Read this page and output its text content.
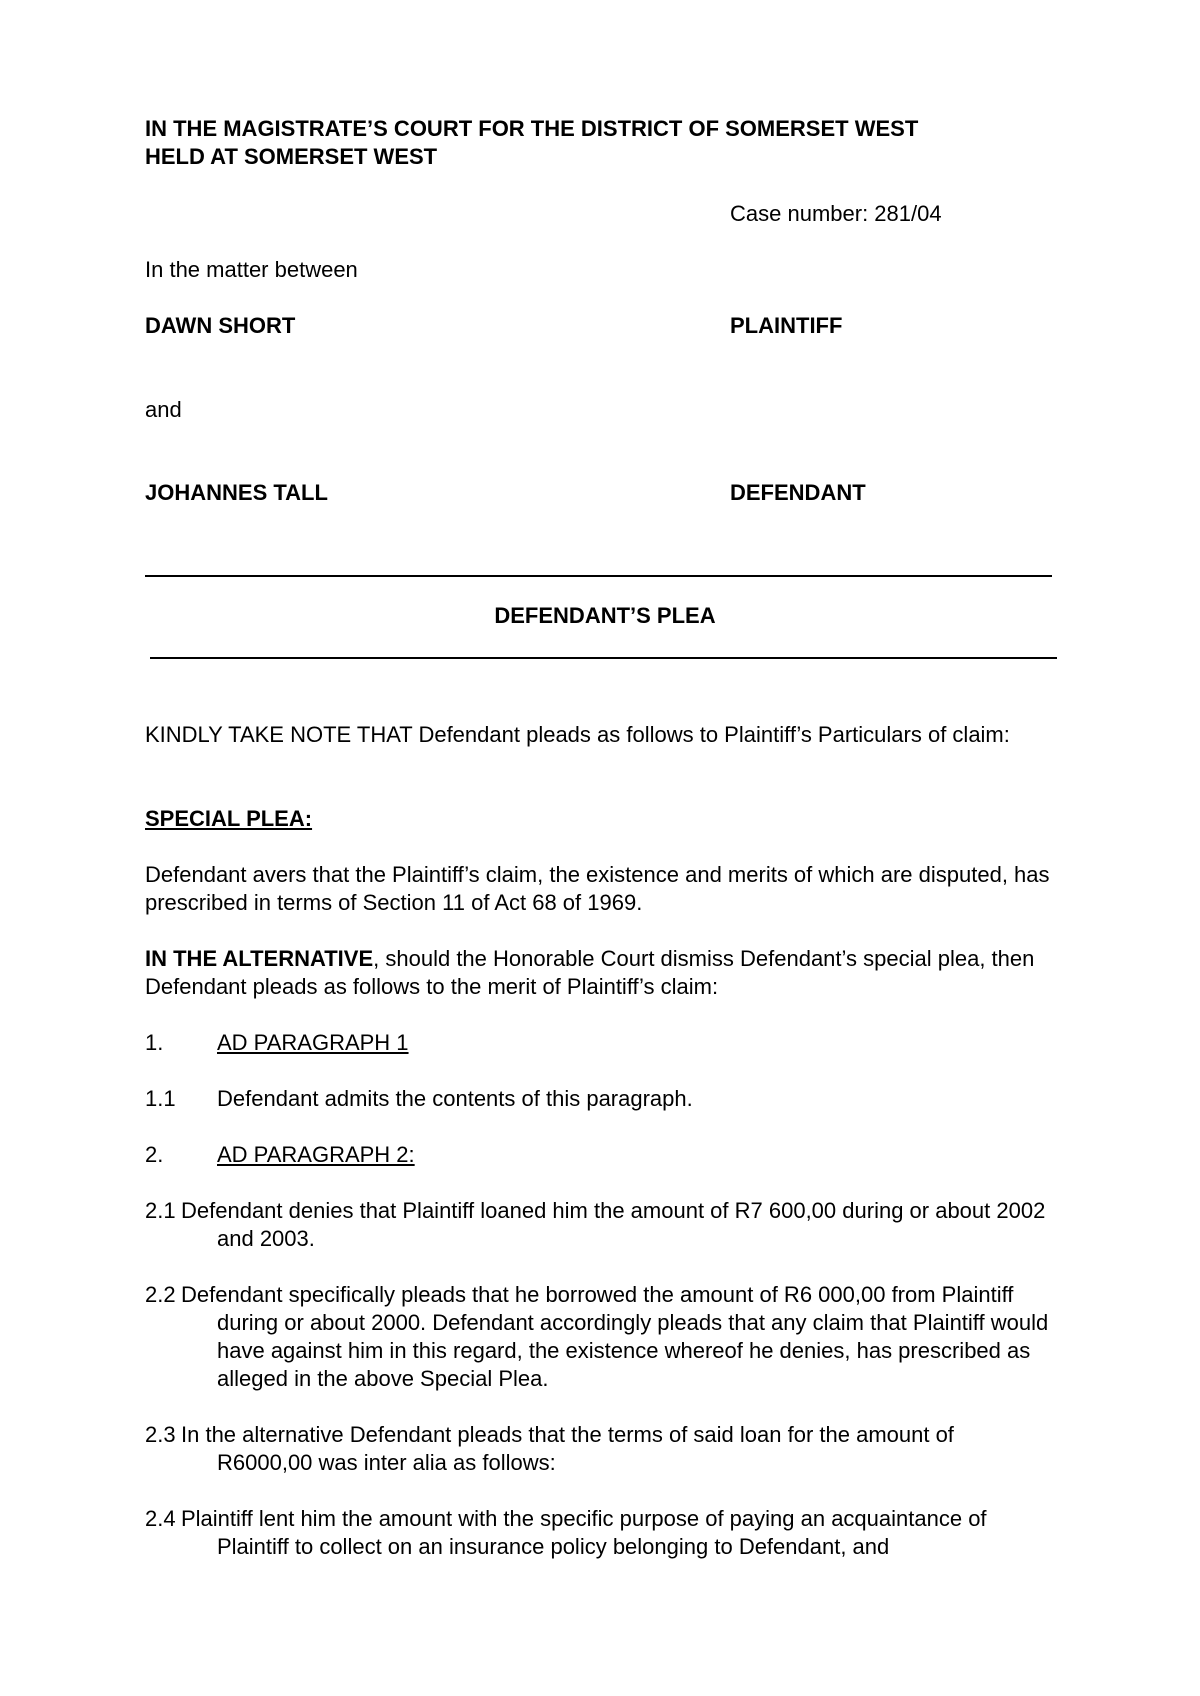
IN THE MAGISTRATE’S COURT FOR THE DISTRICT OF SOMERSET WEST
HELD AT SOMERSET WEST
Case number: 281/04
In the matter between
DAWN SHORT	PLAINTIFF
and
JOHANNES TALL	DEFENDANT
DEFENDANT’S PLEA
KINDLY TAKE NOTE THAT Defendant pleads as follows to Plaintiff’s Particulars of claim:
SPECIAL PLEA:
Defendant avers that the Plaintiff’s claim, the existence and merits of which are disputed, has prescribed in terms of Section 11 of Act 68 of 1969.
IN THE ALTERNATIVE, should the Honorable Court dismiss Defendant’s special plea, then Defendant pleads as follows to the merit of Plaintiff’s claim:
1. AD PARAGRAPH 1
1.1 Defendant admits the contents of this paragraph.
2. AD PARAGRAPH 2:
2.1 Defendant denies that Plaintiff loaned him the amount of R7 600,00 during or about 2002 and 2003.
2.2 Defendant specifically pleads that he borrowed the amount of R6 000,00 from Plaintiff during or about 2000. Defendant accordingly pleads that any claim that Plaintiff would have against him in this regard, the existence whereof he denies, has prescribed as alleged in the above Special Plea.
2.3 In the alternative Defendant pleads that the terms of said loan for the amount of R6000,00 was inter alia as follows:
2.4 Plaintiff lent him the amount with the specific purpose of paying an acquaintance of Plaintiff to collect on an insurance policy belonging to Defendant, and
